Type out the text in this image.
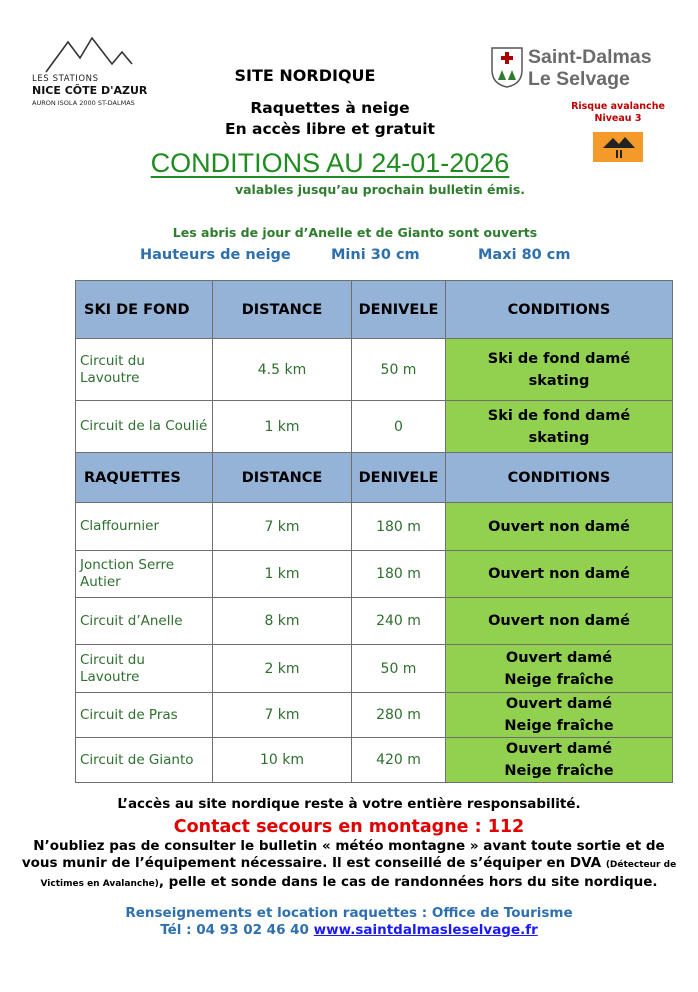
LES STATIONS
NICE CÔTE D'AZUR
AURON ISOLA 2000 ST-DALMAS
Saint-Dalmas
Le Selvage
Risque avalanche
Niveau 3
SITE NORDIQUE
Raquettes à neige
En accès libre et gratuit
CONDITIONS AU 24-01-2026
valables jusqu’au prochain bulletin émis.
Les abris de jour d’Anelle et de Gianto sont ouverts
Hauteurs de neige	Mini 30 cm	Maxi 80 cm
SKI DE FOND	DISTANCE	DENIVELE	CONDITIONS
Circuit du Lavoutre	4.5 km	50 m	Ski de fond damé
skating

Circuit de la Coulié	1 km	0	Ski de fond damé
skating

RAQUETTES	DISTANCE	DENIVELE	CONDITIONS
Claffournier	7 km	180 m	Ouvert non damé

Jonction Serre Autier	1 km	180 m	Ouvert non damé

Circuit d’Anelle	8 km	240 m	Ouvert non damé

Circuit du Lavoutre	2 km	50 m	Ouvert damé
Neige fraîche

Circuit de Pras	7 km	280 m	Ouvert damé
Neige fraîche

Circuit de Gianto	10 km	420 m	Ouvert damé
Neige fraîche
L’accès au site nordique reste à votre entière responsabilité.
Contact secours en montagne : 112
N’oubliez pas de consulter le bulletin « météo montagne » avant toute sortie et de vous munir de l’équipement nécessaire. Il est conseillé de s’équiper en DVA (Détecteur de Victimes en Avalanche), pelle et sonde dans le cas de randonnées hors du site nordique.
Renseignements et location raquettes : Office de Tourisme
Tél : 04 93 02 46 40 www.saintdalmasleselvage.fr
